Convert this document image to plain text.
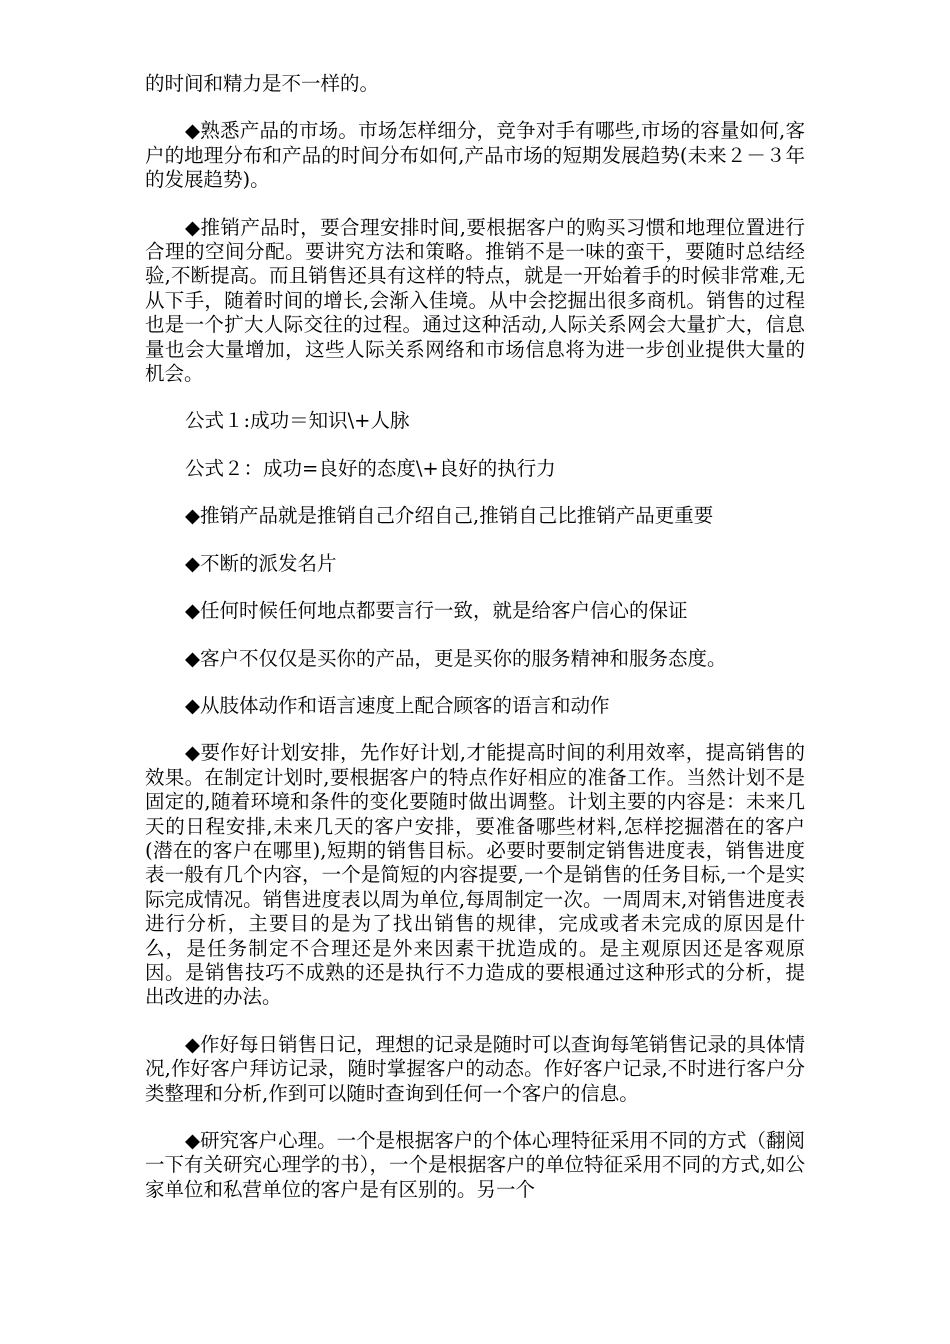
的时间和精力是不一样的。

◆熟悉产品的市场。市场怎样细分，竞争对手有哪些,市场的容量如何,客户的地理分布和产品的时间分布如何,产品市场的短期发展趋势(未来２－３年的发展趋势)。

◆推销产品时，要合理安排时间,要根据客户的购买习惯和地理位置进行合理的空间分配。要讲究方法和策略。推销不是一味的蛮干，要随时总结经验,不断提高。而且销售还具有这样的特点，就是一开始着手的时候非常难,无从下手，随着时间的增长,会渐入佳境。从中会挖掘出很多商机。销售的过程也是一个扩大人际交往的过程。通过这种活动,人际关系网会大量扩大，信息量也会大量增加，这些人际关系网络和市场信息将为进一步创业提供大量的机会。

公式１:成功＝知识\+人脉

公式２：成功=良好的态度\+良好的执行力

◆推销产品就是推销自己介绍自己,推销自己比推销产品更重要

◆不断的派发名片

◆任何时候任何地点都要言行一致，就是给客户信心的保证

◆客户不仅仅是买你的产品，更是买你的服务精神和服务态度。

◆从肢体动作和语言速度上配合顾客的语言和动作

◆要作好计划安排，先作好计划,才能提高时间的利用效率，提高销售的效果。在制定计划时,要根据客户的特点作好相应的准备工作。当然计划不是固定的,随着环境和条件的变化要随时做出调整。计划主要的内容是：未来几天的日程安排,未来几天的客户安排，要准备哪些材料,怎样挖掘潜在的客户(潜在的客户在哪里),短期的销售目标。必要时要制定销售进度表，销售进度表一般有几个内容，一个是简短的内容提要,一个是销售的任务目标,一个是实际完成情况。销售进度表以周为单位,每周制定一次。一周周末,对销售进度表进行分析，主要目的是为了找出销售的规律，完成或者未完成的原因是什么，是任务制定不合理还是外来因素干扰造成的。是主观原因还是客观原因。是销售技巧不成熟的还是执行不力造成的要根通过这种形式的分析，提出改进的办法。

◆作好每日销售日记，理想的记录是随时可以查询每笔销售记录的具体情况,作好客户拜访记录，随时掌握客户的动态。作好客户记录,不时进行客户分类整理和分析,作到可以随时查询到任何一个客户的信息。

◆研究客户心理。一个是根据客户的个体心理特征采用不同的方式（翻阅一下有关研究心理学的书），一个是根据客户的单位特征采用不同的方式,如公家单位和私营单位的客户是有区别的。另一个
